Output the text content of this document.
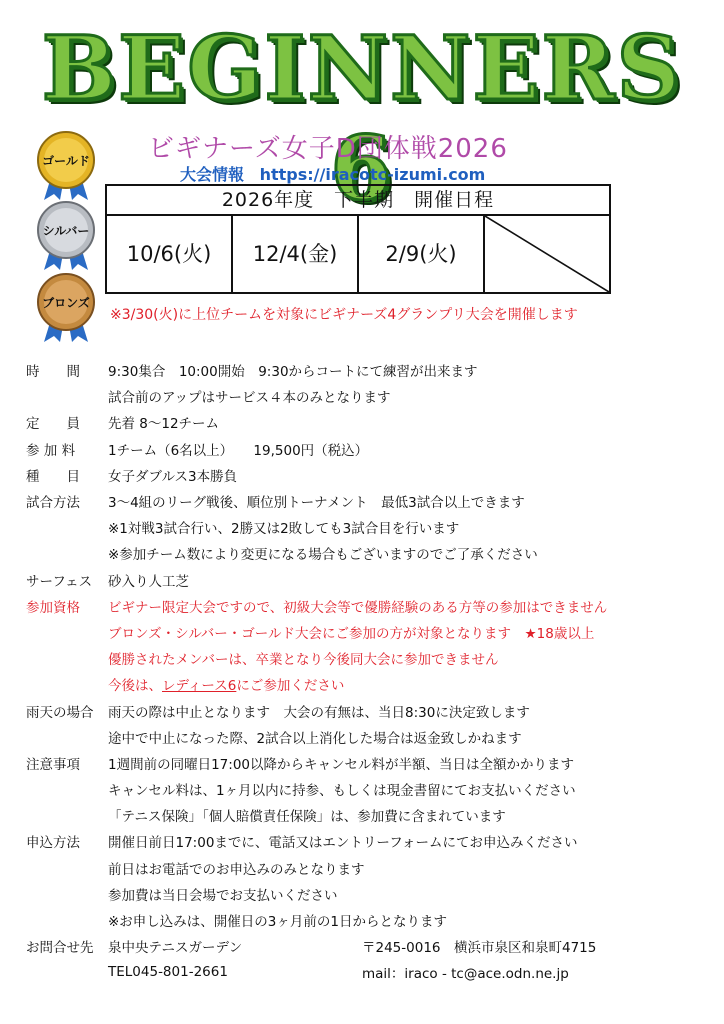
BEGINNERS 6
ゴールド
シルバー
ブロンズ
ビギナーズ女子D団体戦2026
大会情報 https://iracotc-izumi.com
2026年度　下半期　開催日程
10/6(火)	12/4(金)	2/9(火)
※3/30(火)に上位チームを対象にビギナーズ4グランプリ大会を開催します
時　　間	9:30集合　10:00開始　9:30からコートにて練習が出来ます
試合前のアップはサービス４本のみとなります
定　　員	先着 8～12チーム
参 加 料	1チーム（6名以上）　　19,500円（税込）
種　　目	女子ダブルス3本勝負
試合方法	3～4組のリーグ戦後、順位別トーナメント　最低3試合以上できます
※1対戦3試合行い、2勝又は2敗しても3試合目を行います
※参加チーム数により変更になる場合もございますのでご了承ください
サーフェス	砂入り人工芝
参加資格	ビギナー限定大会ですので、初級大会等で優勝経験のある方等の参加はできません
ブロンズ・シルバー・ゴールド大会にご参加の方が対象となります　★18歳以上
優勝されたメンバーは、卒業となり今後同大会に参加できません
今後は、レディース6にご参加ください
雨天の場合	雨天の際は中止となります　大会の有無は、当日8:30に決定致します
途中で中止になった際、2試合以上消化した場合は返金致しかねます
注意事項	1週間前の同曜日17:00以降からキャンセル料が半額、当日は全額かかります
キャンセル料は、1ヶ月以内に持参、もしくは現金書留にてお支払いください
「テニス保険」「個人賠償責任保険」は、参加費に含まれています
申込方法	開催日前日17:00までに、電話又はエントリーフォームにてお申込みください
前日はお電話でのお申込みのみとなります
参加費は当日会場でお支払いください
※お申し込みは、開催日の3ヶ月前の1日からとなります
お問合せ先	泉中央テニスガーデン	〒245-0016　横浜市泉区和泉町4715
TEL045-801-2661	mail：iraco - tc@ace.odn.ne.jp
